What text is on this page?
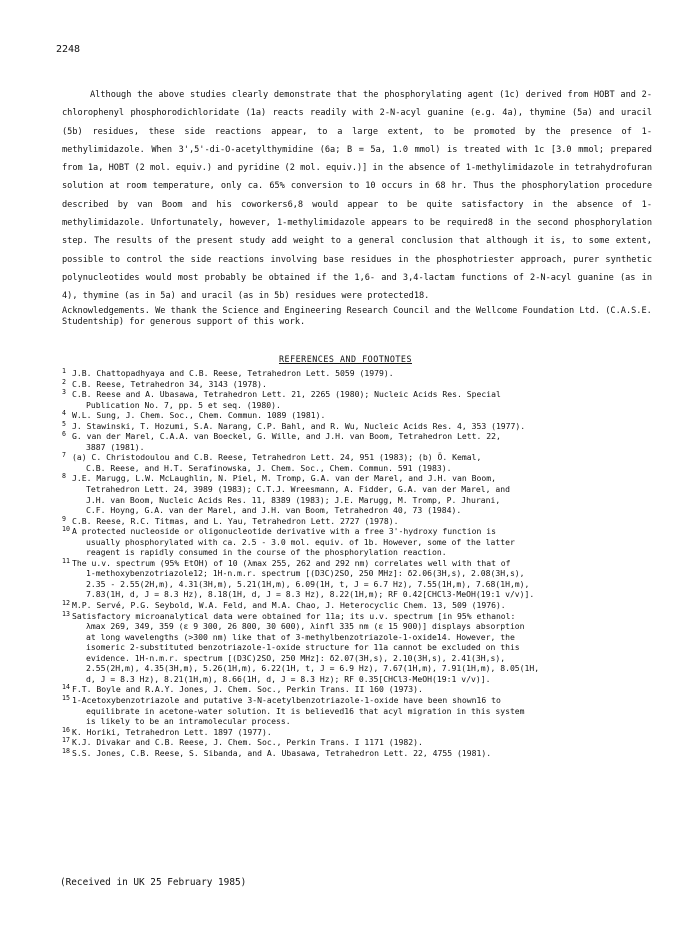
2248

Although the above studies clearly demonstrate that the phosphorylating agent (1c) derived from HOBT and 2-chlorophenyl phosphorodichloridate (1a) reacts readily with 2-N-acyl guanine (e.g. 4a), thymine (5a) and uracil (5b) residues, these side reactions appear, to a large extent, to be promoted by the presence of 1-methylimidazole. When 3',5'-di-O-acetylthymidine (6a; B = 5a, 1.0 mmol) is treated with 1c [3.0 mmol; prepared from 1a, HOBT (2 mol. equiv.) and pyridine (2 mol. equiv.)] in the absence of 1-methylimidazole in tetrahydrofuran solution at room temperature, only ca. 65% conversion to 10 occurs in 68 hr. Thus the phosphorylation procedure described by van Boom and his coworkers6,8 would appear to be quite satisfactory in the absence of 1-methylimidazole. Unfortunately, however, 1-methylimidazole appears to be required8 in the second phosphorylation step. The results of the present study add weight to a general conclusion that although it is, to some extent, possible to control the side reactions involving base residues in the phosphotriester approach, purer synthetic polynucleotides would most probably be obtained if the 1,6- and 3,4-lactam functions of 2-N-acyl guanine (as in 4), thymine (as in 5a) and uracil (as in 5b) residues were protected18.

Acknowledgements. We thank the Science and Engineering Research Council and the Wellcome Foundation Ltd. (C.A.S.E. Studentship) for generous support of this work.
REFERENCES AND FOOTNOTES
1 J.B. Chattopadhyaya and C.B. Reese, Tetrahedron Lett. 5059 (1979).
2 C.B. Reese, Tetrahedron 34, 3143 (1978).
3 C.B. Reese and A. Ubasawa, Tetrahedron Lett. 21, 2265 (1980); Nucleic Acids Res. Special
Publication No. 7, pp. 5 et seq. (1980).
4 W.L. Sung, J. Chem. Soc., Chem. Commun. 1089 (1981).
5 J. Stawinski, T. Hozumi, S.A. Narang, C.P. Bahl, and R. Wu, Nucleic Acids Res. 4, 353 (1977).
6 G. van der Marel, C.A.A. van Boeckel, G. Wille, and J.H. van Boom, Tetrahedron Lett. 22,
3887 (1981).
7 (a) C. Christodoulou and C.B. Reese, Tetrahedron Lett. 24, 951 (1983); (b) Ö. Kemal,
C.B. Reese, and H.T. Serafinowska, J. Chem. Soc., Chem. Commun. 591 (1983).
8 J.E. Marugg, L.W. McLaughlin, N. Piel, M. Tromp, G.A. van der Marel, and J.H. van Boom,
Tetrahedron Lett. 24, 3989 (1983); C.T.J. Wreesmann, A. Fidder, G.A. van der Marel, and
J.H. van Boom, Nucleic Acids Res. 11, 8389 (1983); J.E. Marugg, M. Tromp, P. Jhurani,
C.F. Hoyng, G.A. van der Marel, and J.H. van Boom, Tetrahedron 40, 73 (1984).
9 C.B. Reese, R.C. Titmas, and L. Yau, Tetrahedron Lett. 2727 (1978).
10 A protected nucleoside or oligonucleotide derivative with a free 3'-hydroxy function is
usually phosphorylated with ca. 2.5 - 3.0 mol. equiv. of 1b. However, some of the latter
reagent is rapidly consumed in the course of the phosphorylation reaction.
11 The u.v. spectrum (95% EtOH) of 10 (λmax 255, 262 and 292 nm) correlates well with that of
1-methoxybenzotriazole12; 1H-n.m.r. spectrum [(D3C)2SO, 250 MHz]: δ2.06(3H,s), 2.08(3H,s),
2.35 - 2.55(2H,m), 4.31(3H,m), 5.21(1H,m), 6.09(1H, t, J = 6.7 Hz), 7.55(1H,m), 7.68(1H,m),
7.83(1H, d, J = 8.3 Hz), 8.18(1H, d, J = 8.3 Hz), 8.22(1H,m); RF 0.42[CHCl3-MeOH(19:1 v/v)].
12 M.P. Servé, P.G. Seybold, W.A. Feld, and M.A. Chao, J. Heterocyclic Chem. 13, 509 (1976).
13 Satisfactory microanalytical data were obtained for 11a; its u.v. spectrum [in 95% ethanol:
λmax 269, 349, 359 (ε 9 300, 26 800, 30 600), λinfl 335 nm (ε 15 900)] displays absorption
at long wavelengths (>300 nm) like that of 3-methylbenzotriazole-1-oxide14. However, the
isomeric 2-substituted benzotriazole-1-oxide structure for 11a cannot be excluded on this
evidence. 1H-n.m.r. spectrum [(D3C)2SO, 250 MHz]: δ2.07(3H,s), 2.10(3H,s), 2.41(3H,s),
2.55(2H,m), 4.35(3H,m), 5.26(1H,m), 6.22(1H, t, J = 6.9 Hz), 7.67(1H,m), 7.91(1H,m), 8.05(1H,
d, J = 8.3 Hz), 8.21(1H,m), 8.66(1H, d, J = 8.3 Hz); RF 0.35[CHCl3-MeOH(19:1 v/v)].
14 F.T. Boyle and R.A.Y. Jones, J. Chem. Soc., Perkin Trans. II 160 (1973).
15 1-Acetoxybenzotriazole and putative 3-N-acetylbenzotriazole-1-oxide have been shown16 to
equilibrate in acetone-water solution. It is believed16 that acyl migration in this system
is likely to be an intramolecular process.
16 K. Horiki, Tetrahedron Lett. 1897 (1977).
17 K.J. Divakar and C.B. Reese, J. Chem. Soc., Perkin Trans. I 1171 (1982).
18 S.S. Jones, C.B. Reese, S. Sibanda, and A. Ubasawa, Tetrahedron Lett. 22, 4755 (1981).
(Received in UK 25 February 1985)
